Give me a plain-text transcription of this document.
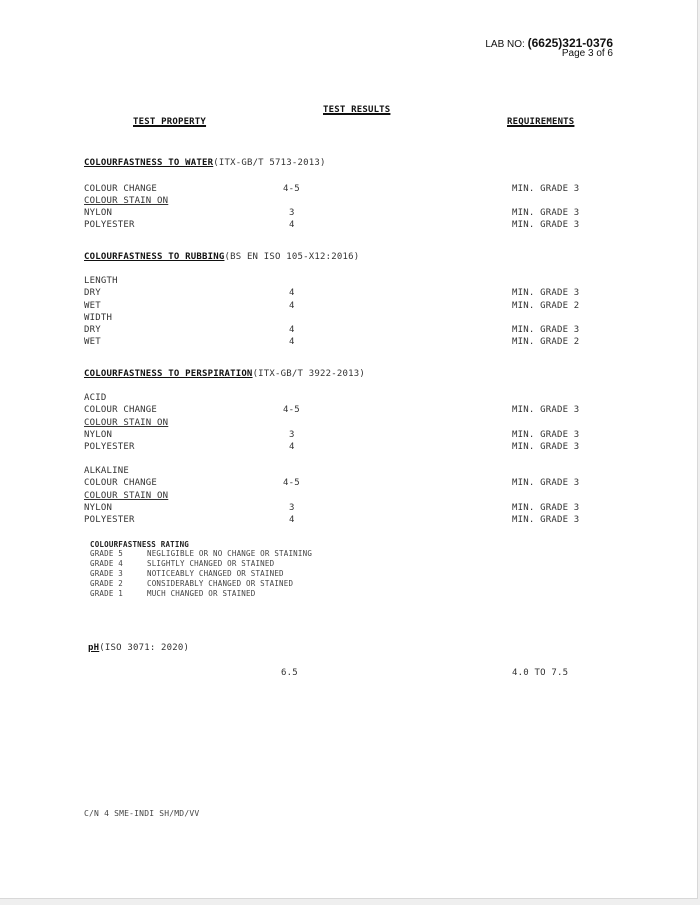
LAB NO: (6625)321-0376
Page 3 of 6
TEST RESULTS
TEST PROPERTY	REQUIREMENTS
COLOURFASTNESS TO WATER(ITX-GB/T 5713-2013)
COLOUR CHANGE	4-5	MIN. GRADE 3
COLOUR STAIN ON
NYLON	3	MIN. GRADE 3
POLYESTER	4	MIN. GRADE 3
COLOURFASTNESS TO RUBBING(BS EN ISO 105-X12:2016)
LENGTH
DRY	4	MIN. GRADE 3
WET	4	MIN. GRADE 2
WIDTH
DRY	4	MIN. GRADE 3
WET	4	MIN. GRADE 2
COLOURFASTNESS TO PERSPIRATION(ITX-GB/T 3922-2013)
ACID
COLOUR CHANGE	4-5	MIN. GRADE 3
COLOUR STAIN ON
NYLON	3	MIN. GRADE 3
POLYESTER	4	MIN. GRADE 3
ALKALINE
COLOUR CHANGE	4-5	MIN. GRADE 3
COLOUR STAIN ON
NYLON	3	MIN. GRADE 3
POLYESTER	4	MIN. GRADE 3
COLOURFASTNESS RATING
GRADE 5	NEGLIGIBLE OR NO CHANGE OR STAINING
GRADE 4	SLIGHTLY CHANGED OR STAINED
GRADE 3	NOTICEABLY CHANGED OR STAINED
GRADE 2	CONSIDERABLY CHANGED OR STAINED
GRADE 1	MUCH CHANGED OR STAINED
pH(ISO 3071: 2020)
6.5	4.0 TO 7.5
C/N 4 SME-INDI SH/MD/VV
